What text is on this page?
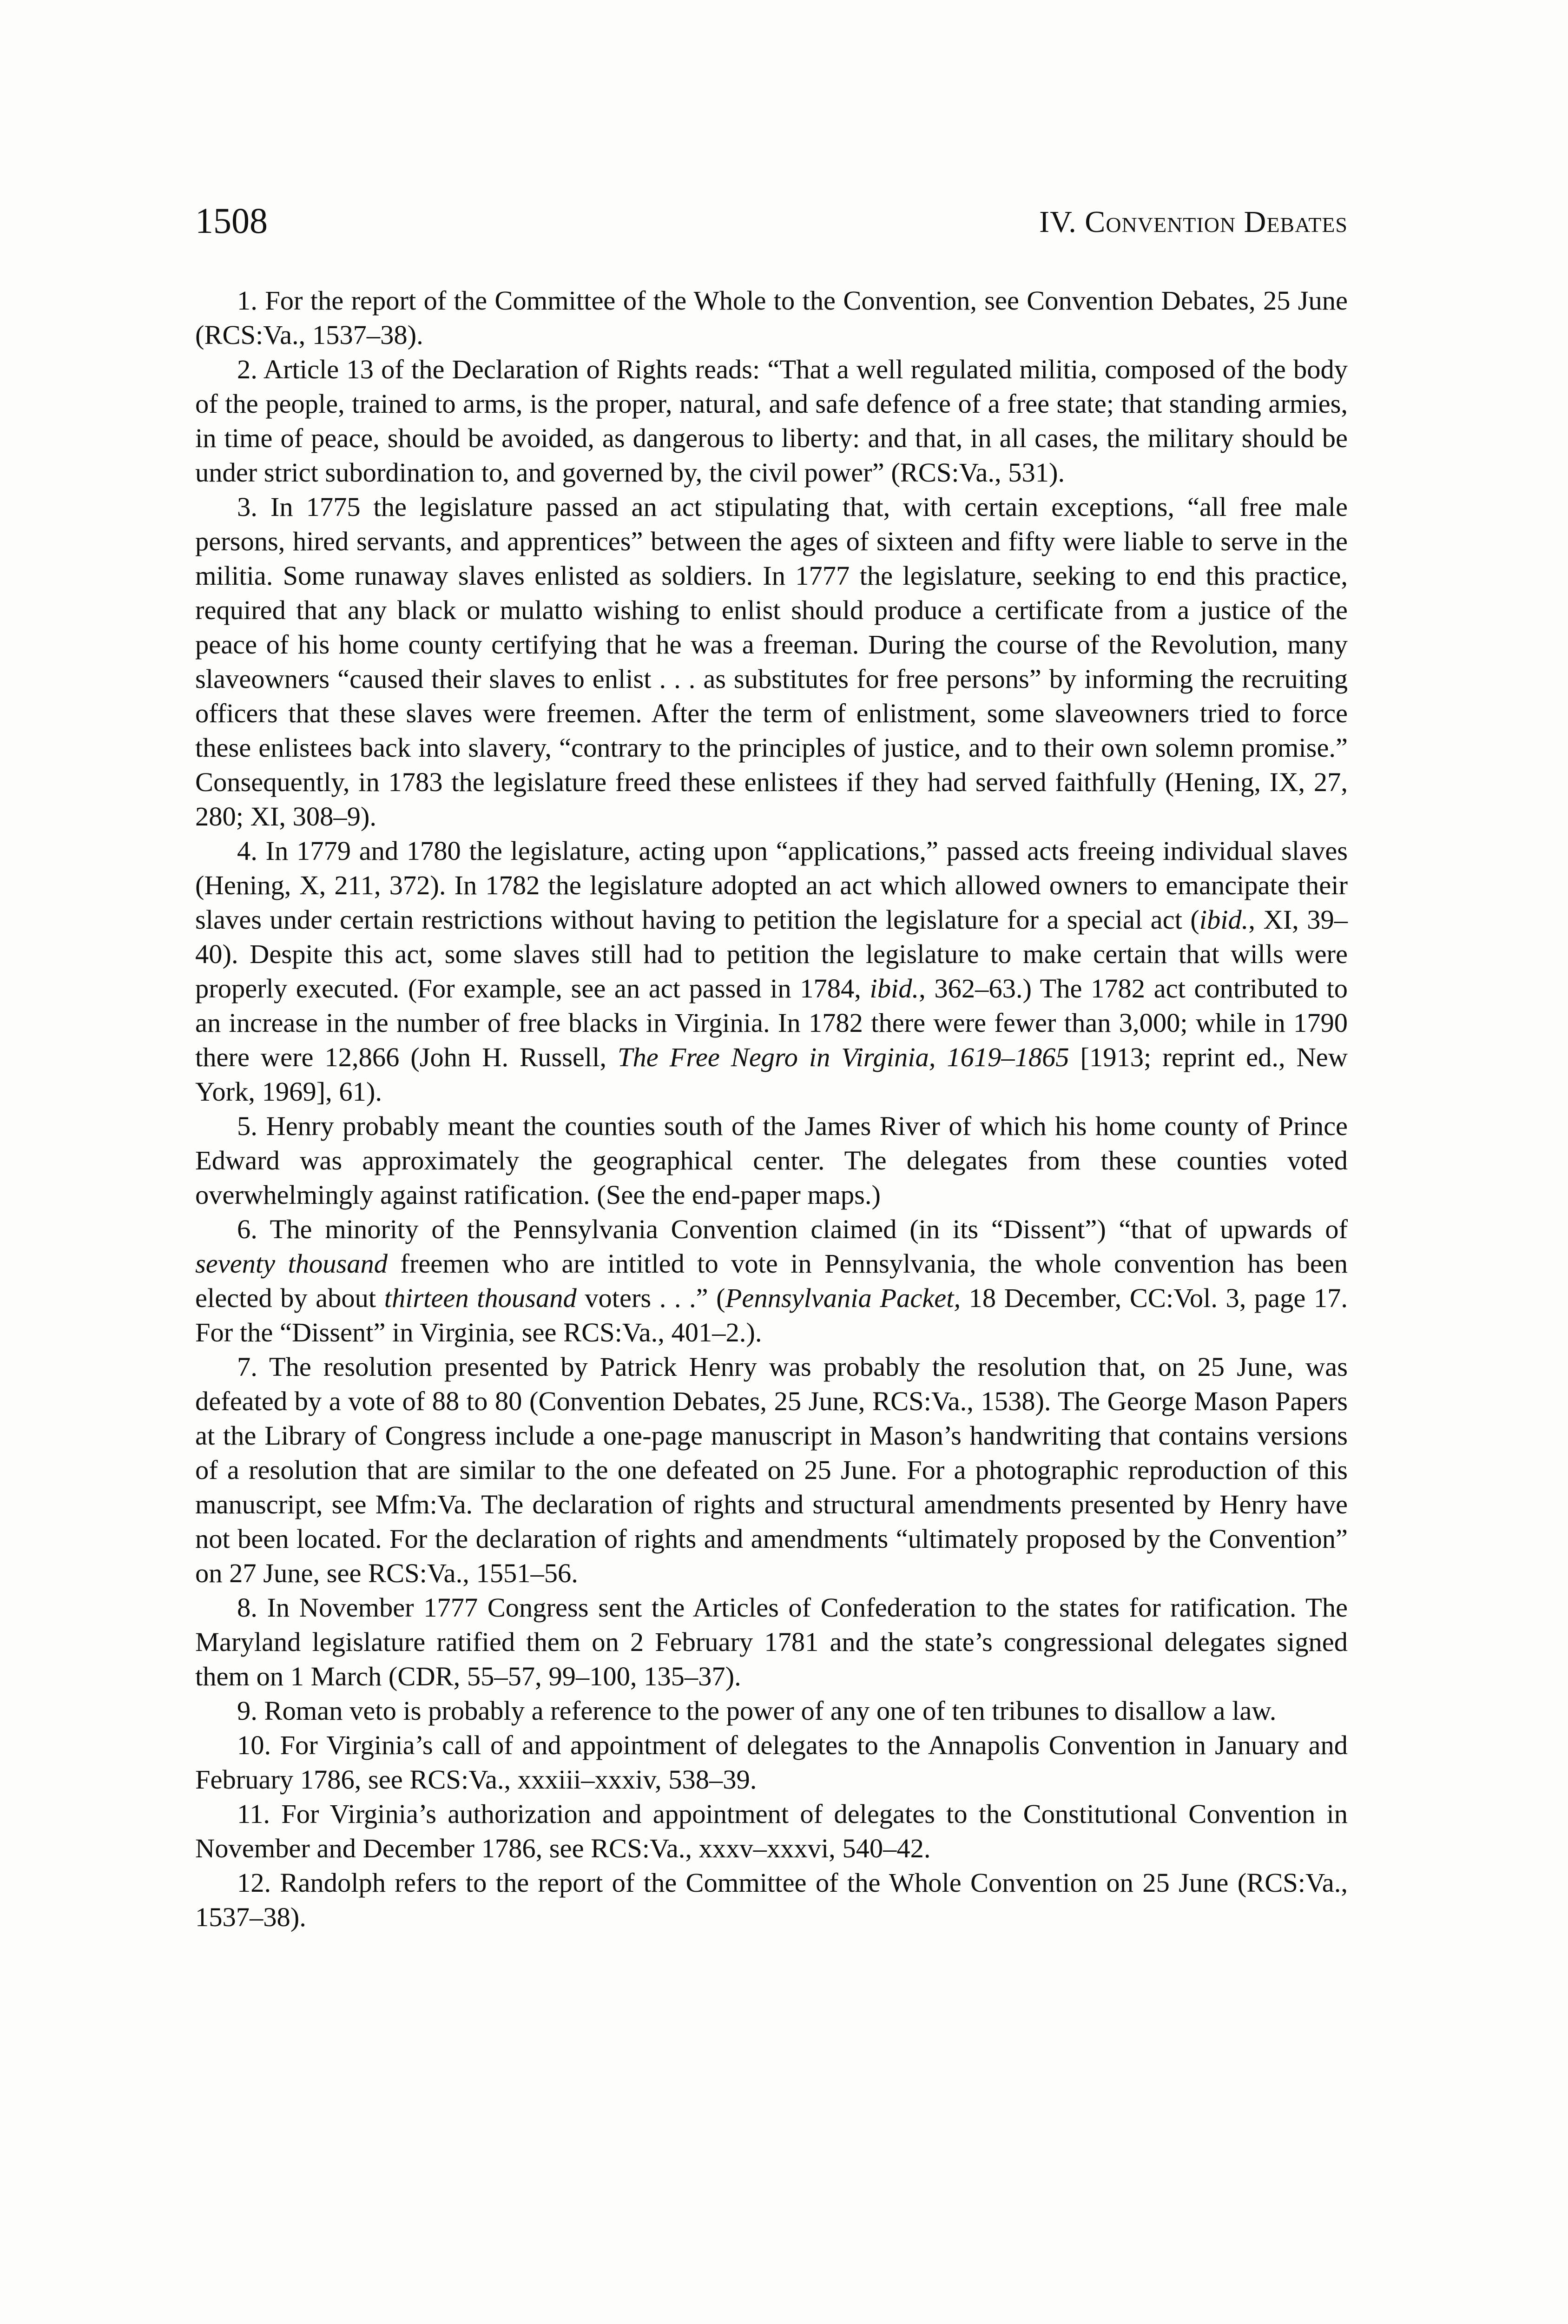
1508	IV. Convention Debates

1. For the report of the Committee of the Whole to the Convention, see Convention Debates, 25 June (RCS:Va., 1537–38).

2. Article 13 of the Declaration of Rights reads: “That a well regulated militia, composed of the body of the people, trained to arms, is the proper, natural, and safe defence of a free state; that standing armies, in time of peace, should be avoided, as dangerous to liberty: and that, in all cases, the military should be under strict subordination to, and governed by, the civil power” (RCS:Va., 531).

3. In 1775 the legislature passed an act stipulating that, with certain exceptions, “all free male persons, hired servants, and apprentices” between the ages of sixteen and fifty were liable to serve in the militia. Some runaway slaves enlisted as soldiers. In 1777 the legislature, seeking to end this practice, required that any black or mulatto wishing to enlist should produce a certificate from a justice of the peace of his home county certifying that he was a freeman. During the course of the Revolution, many slaveowners “caused their slaves to enlist . . . as substitutes for free persons” by informing the recruiting officers that these slaves were freemen. After the term of enlistment, some slaveowners tried to force these enlistees back into slavery, “contrary to the principles of justice, and to their own solemn promise.” Consequently, in 1783 the legislature freed these enlistees if they had served faithfully (Hening, IX, 27, 280; XI, 308–9).

4. In 1779 and 1780 the legislature, acting upon “applications,” passed acts freeing individual slaves (Hening, X, 211, 372). In 1782 the legislature adopted an act which allowed owners to emancipate their slaves under certain restrictions without having to petition the legislature for a special act (ibid., XI, 39–40). Despite this act, some slaves still had to petition the legislature to make certain that wills were properly executed. (For example, see an act passed in 1784, ibid., 362–63.) The 1782 act contributed to an increase in the number of free blacks in Virginia. In 1782 there were fewer than 3,000; while in 1790 there were 12,866 (John H. Russell, The Free Negro in Virginia, 1619–1865 [1913; reprint ed., New York, 1969], 61).

5. Henry probably meant the counties south of the James River of which his home county of Prince Edward was approximately the geographical center. The delegates from these counties voted overwhelmingly against ratification. (See the end-paper maps.)

6. The minority of the Pennsylvania Convention claimed (in its “Dissent”) “that of upwards of seventy thousand freemen who are intitled to vote in Pennsylvania, the whole convention has been elected by about thirteen thousand voters . . .” (Pennsylvania Packet, 18 December, CC:Vol. 3, page 17. For the “Dissent” in Virginia, see RCS:Va., 401–2.).

7. The resolution presented by Patrick Henry was probably the resolution that, on 25 June, was defeated by a vote of 88 to 80 (Convention Debates, 25 June, RCS:Va., 1538). The George Mason Papers at the Library of Congress include a one-page manuscript in Mason’s handwriting that contains versions of a resolution that are similar to the one defeated on 25 June. For a photographic reproduction of this manuscript, see Mfm:Va. The declaration of rights and structural amendments presented by Henry have not been located. For the declaration of rights and amendments “ultimately proposed by the Convention” on 27 June, see RCS:Va., 1551–56.

8. In November 1777 Congress sent the Articles of Confederation to the states for ratification. The Maryland legislature ratified them on 2 February 1781 and the state’s congressional delegates signed them on 1 March (CDR, 55–57, 99–100, 135–37).

9. Roman veto is probably a reference to the power of any one of ten tribunes to disallow a law.

10. For Virginia’s call of and appointment of delegates to the Annapolis Convention in January and February 1786, see RCS:Va., xxxiii–xxxiv, 538–39.

11. For Virginia’s authorization and appointment of delegates to the Constitutional Convention in November and December 1786, see RCS:Va., xxxv–xxxvi, 540–42.

12. Randolph refers to the report of the Committee of the Whole Convention on 25 June (RCS:Va., 1537–38).
